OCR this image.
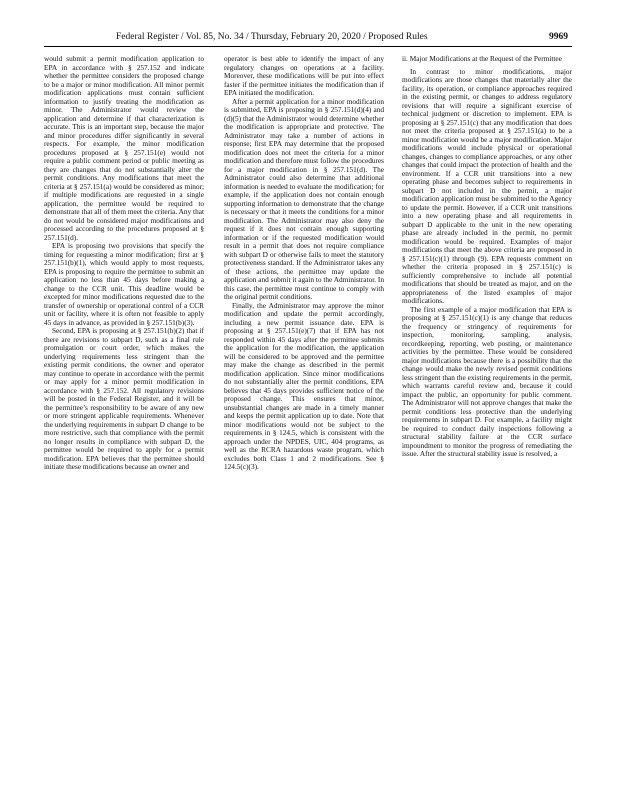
Federal Register / Vol. 85, No. 34 / Thursday, February 20, 2020 / Proposed Rules	9969

would submit a permit modification application to EPA in accordance with § 257.152 and indicate whether the permittee considers the proposed change to be a major or minor modification. All minor permit modification applications must contain sufficient information to justify treating the modification as minor. The Administrator would review the application and determine if that characterization is accurate. This is an important step, because the major and minor procedures differ significantly in several respects. For example, the minor modification procedures proposed at § 257.151(e) would not require a public comment period or public meeting as they are changes that do not substantially alter the permit conditions. Any modifications that meet the criteria at § 257.151(a) would be considered as minor; if multiple modifications are requested in a single application, the permittee would be required to demonstrate that all of them meet the criteria. Any that do not would be considered major modifications and processed according to the procedures proposed at § 257.151(d).

EPA is proposing two provisions that specify the timing for requesting a minor modification; first at § 257.151(b)(1), which would apply to most requests, EPA is proposing to require the permittee to submit an application no less than 45 days before making a change to the CCR unit. This deadline would be excepted for minor modifications requested due to the transfer of ownership or operational control of a CCR unit or facility, where it is often not feasible to apply 45 days in advance, as provided in § 257.151(b)(3).

Second, EPA is proposing at § 257.151(b)(2) that if there are revisions to subpart D, such as a final rule promulgation or court order, which makes the underlying requirements less stringent than the existing permit conditions, the owner and operator may continue to operate in accordance with the permit or may apply for a minor permit modification in accordance with § 257.152. All regulatory revisions will be posted in the Federal Register, and it will be the permittee’s responsibility to be aware of any new or more stringent applicable requirements. Whenever the underlying requirements in subpart D change to be more restrictive, such that compliance with the permit no longer results in compliance with subpart D, the permittee would be required to apply for a permit modification. EPA believes that the permittee should initiate these modifications because an owner and

operator is best able to identify the impact of any regulatory changes on operations at a facility. Moreover, these modifications will be put into effect faster if the permittee initiates the modification than if EPA initiated the modification.

After a permit application for a minor modification is submitted, EPA is proposing in § 257.151(d)(4) and (d)(5) that the Administrator would determine whether the modification is appropriate and protective. The Administrator may take a number of actions in response; first EPA may determine that the proposed modification does not meet the criteria for a minor modification and therefore must follow the procedures for a major modification in § 257.151(d). The Administrator could also determine that additional information is needed to evaluate the modification; for example, if the application does not contain enough supporting information to demonstrate that the change is necessary or that it meets the conditions for a minor modification. The Administrator may also deny the request if it does not contain enough supporting information or if the requested modification would result in a permit that does not require compliance with subpart D or otherwise fails to meet the statutory protectiveness standard. If the Administrator takes any of these actions, the permittee may update the application and submit it again to the Administrator. In this case, the permittee must continue to comply with the original permit conditions.

Finally, the Administrator may approve the minor modification and update the permit accordingly, including a new permit issuance date. EPA is proposing at § 257.151(e)(7) that if EPA has not responded within 45 days after the permittee submits the application for the modification, the application will be considered to be approved and the permittee may make the change as described in the permit modification application. Since minor modifications do not substantially alter the permit conditions, EPA believes that 45 days provides sufficient notice of the proposed change. This ensures that minor, unsubstantial changes are made in a timely manner and keeps the permit application up to date. Note that minor modifications would not be subject to the requirements in § 124.5, which is consistent with the approach under the NPDES, UIC, 404 programs, as well as the RCRA hazardous waste program, which excludes both Class 1 and 2 modifications. See § 124.5(c)(3).

ii. Major Modifications at the Request of the Permittee

In contrast to minor modifications, major modifications are those changes that materially alter the facility, its operation, or compliance approaches required in the existing permit, or changes to address regulatory revisions that will require a significant exercise of technical judgment or discretion to implement. EPA is proposing at § 257.151(c) that any modification that does not meet the criteria proposed at § 257.151(a) to be a minor modification would be a major modification. Major modifications would include physical or operational changes, changes to compliance approaches, or any other changes that could impact the protection of health and the environment. If a CCR unit transitions into a new operating phase and becomes subject to requirements in subpart D not included in the permit, a major modification application must be submitted to the Agency to update the permit. However, if a CCR unit transitions into a new operating phase and all requirements in subpart D applicable to the unit in the new operating phase are already included in the permit, no permit modification would be required. Examples of major modifications that meet the above criteria are proposed in § 257.151(c)(1) through (9). EPA requests comment on whether the criteria proposed in § 257.151(c) is sufficiently comprehensive to include all potential modifications that should be treated as major, and on the appropriateness of the listed examples of major modifications.

The first example of a major modification that EPA is proposing at § 257.151(c)(1) is any change that reduces the frequency or stringency of requirements for inspection, monitoring, sampling, analysis, recordkeeping, reporting, web posting, or maintenance activities by the permittee. These would be considered major modifications because there is a possibility that the change would make the newly revised permit conditions less stringent than the existing requirements in the permit, which warrants careful review and, because it could impact the public, an opportunity for public comment. The Administrator will not approve changes that make the permit conditions less protective than the underlying requirements in subpart D. For example, a facility might be required to conduct daily inspections following a structural stability failure at the CCR surface impoundment to monitor the progress of remediating the issue. After the structural stability issue is resolved, a
